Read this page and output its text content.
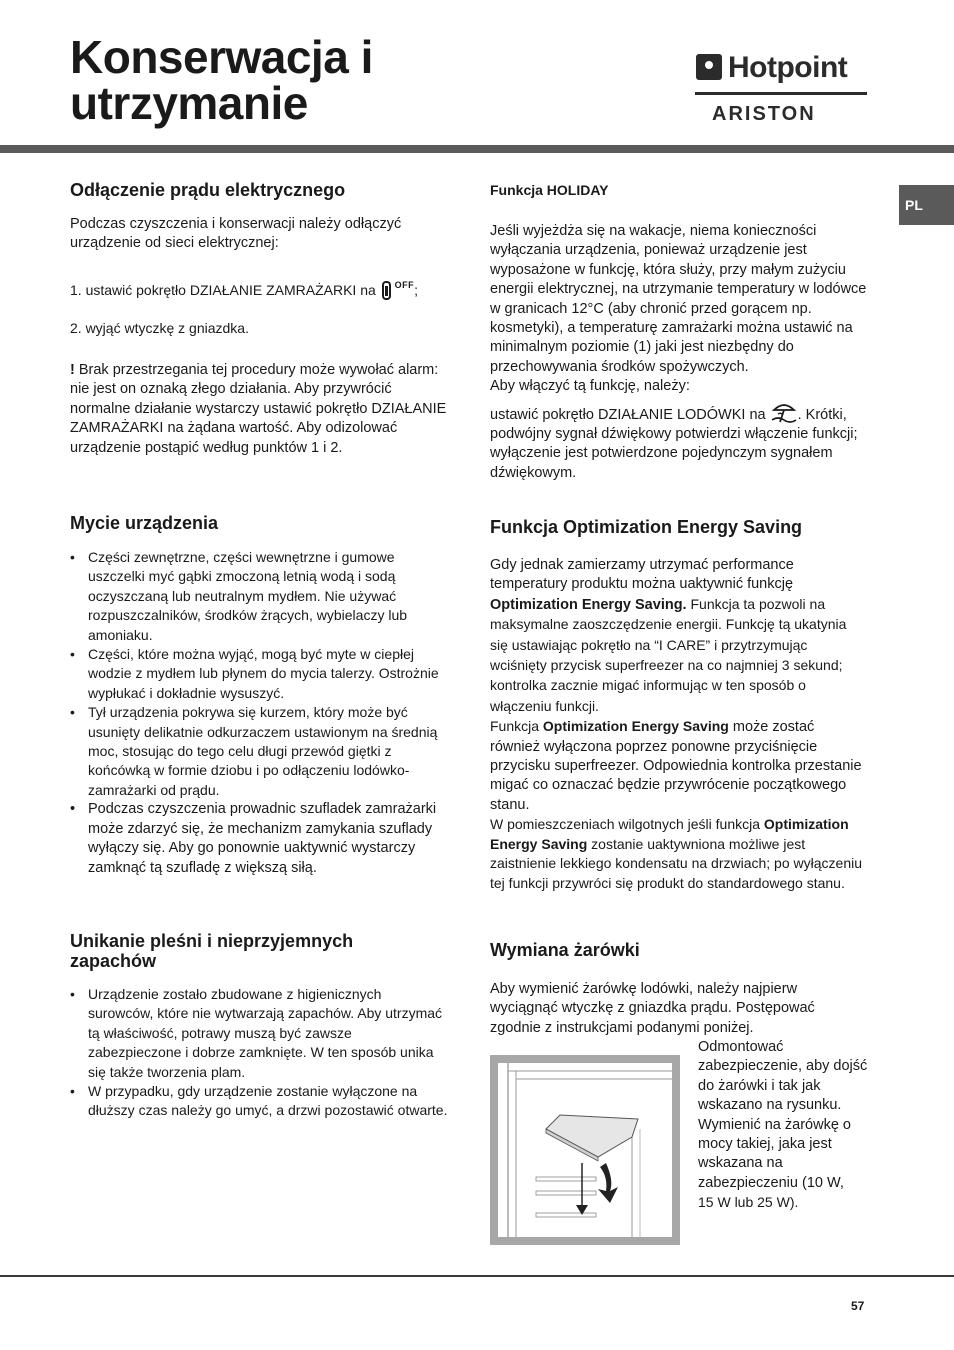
Konserwacja i
utrzymanie
Hotpoint
ARISTON
PL
Odłączenie prądu elektrycznego
Podczas czyszczenia i konserwacji należy odłączyć urządzenie od sieci elektrycznej:
1. ustawić pokrętło DZIAŁANIE ZAMRAŻARKI na $^{OFF}$;
2. wyjąć wtyczkę z gniazdka.
! Brak przestrzegania tej procedury może wywołać alarm: nie jest on oznaką złego działania. Aby przywrócić normalne działanie wystarczy ustawić pokrętło DZIAŁANIE ZAMRAŻARKI na żądana wartość. Aby odizolować urządzenie postąpić według punktów 1 i 2.
Mycie urządzenia
• Części zewnętrzne, części wewnętrzne i gumowe uszczelki myć gąbki zmoczoną letnią wodą i sodą oczyszczaną lub neutralnym mydłem. Nie używać rozpuszczalników, środków żrących, wybielaczy lub amoniaku.
• Części, które można wyjąć, mogą być myte w ciepłej wodzie z mydłem lub płynem do mycia talerzy. Ostrożnie wypłukać i dokładnie wysuszyć.
• Tył urządzenia pokrywa się kurzem, który może być usunięty delikatnie odkurzaczem ustawionym na średnią moc, stosując do tego celu długi przewód giętki z końcówką w formie dziobu i po odłączeniu lodówko-zamrażarki od prądu.
• Podczas czyszczenia prowadnic szufladek zamrażarki może zdarzyć się, że mechanizm zamykania szuflady wyłączy się. Aby go ponownie uaktywnić wystarczy zamknąć tą szufladę z większą siłą.
Unikanie pleśni i nieprzyjemnych
zapachów
• Urządzenie zostało zbudowane z higienicznych surowców, które nie wytwarzają zapachów. Aby utrzymać tą właściwość, potrawy muszą być zawsze zabezpieczone i dobrze zamknięte. W ten sposób unika się także tworzenia plam.
• W przypadku, gdy urządzenie zostanie wyłączone na dłuższy czas należy go umyć, a drzwi pozostawić otwarte.
Funkcja HOLIDAY
Jeśli wyjeżdża się na wakacje, niema konieczności wyłączania urządzenia, ponieważ urządzenie jest wyposażone w funkcję, która służy, przy małym zużyciu energii elektrycznej, na utrzymanie temperatury w lodówce w granicach 12°C (aby chronić przed gorącem np. kosmetyki), a temperaturę zamrażarki można ustawić na minimalnym poziomie (1) jaki jest niezbędny do przechowywania środków spożywczych.
Aby włączyć tą funkcję, należy:
ustawić pokrętło DZIAŁANIE LODÓWKI na . Krótki, podwójny sygnał dźwiękowy potwierdzi włączenie funkcji; wyłączenie jest potwierdzone pojedynczym sygnałem dźwiękowym.
Funkcja Optimization Energy Saving
Gdy jednak zamierzamy utrzymać performance temperatury produktu można uaktywnić funkcję Optimization Energy Saving. Funkcja ta pozwoli na maksymalne zaoszczędzenie energii. Funkcję tą ukatynia się ustawiając pokrętło na “I CARE” i przytrzymując wciśnięty przycisk superfreezer na co najmniej 3 sekund; kontrolka zacznie migać informując w ten sposób o włączeniu funkcji.
Funkcja Optimization Energy Saving może zostać również wyłączona poprzez ponowne przyciśnięcie przycisku superfreezer. Odpowiednia kontrolka przestanie migać co oznaczać będzie przywrócenie początkowego stanu.
W pomieszczeniach wilgotnych jeśli funkcja Optimization Energy Saving zostanie uaktywniona możliwe jest zaistnienie lekkiego kondensatu na drzwiach; po wyłączeniu tej funkcji przywróci się produkt do standardowego stanu.
Wymiana żarówki
Aby wymienić żarówkę lodówki, należy najpierw wyciągnąć wtyczkę z gniazdka prądu. Postępować zgodnie z instrukcjami podanymi poniżej.
Odmontować zabezpieczenie, aby dojść do żarówki i tak jak wskazano na rysunku.
Wymienić na żarówkę o mocy takiej, jaka jest wskazana na zabezpieczeniu (10 W,
15 W lub 25 W).
57
